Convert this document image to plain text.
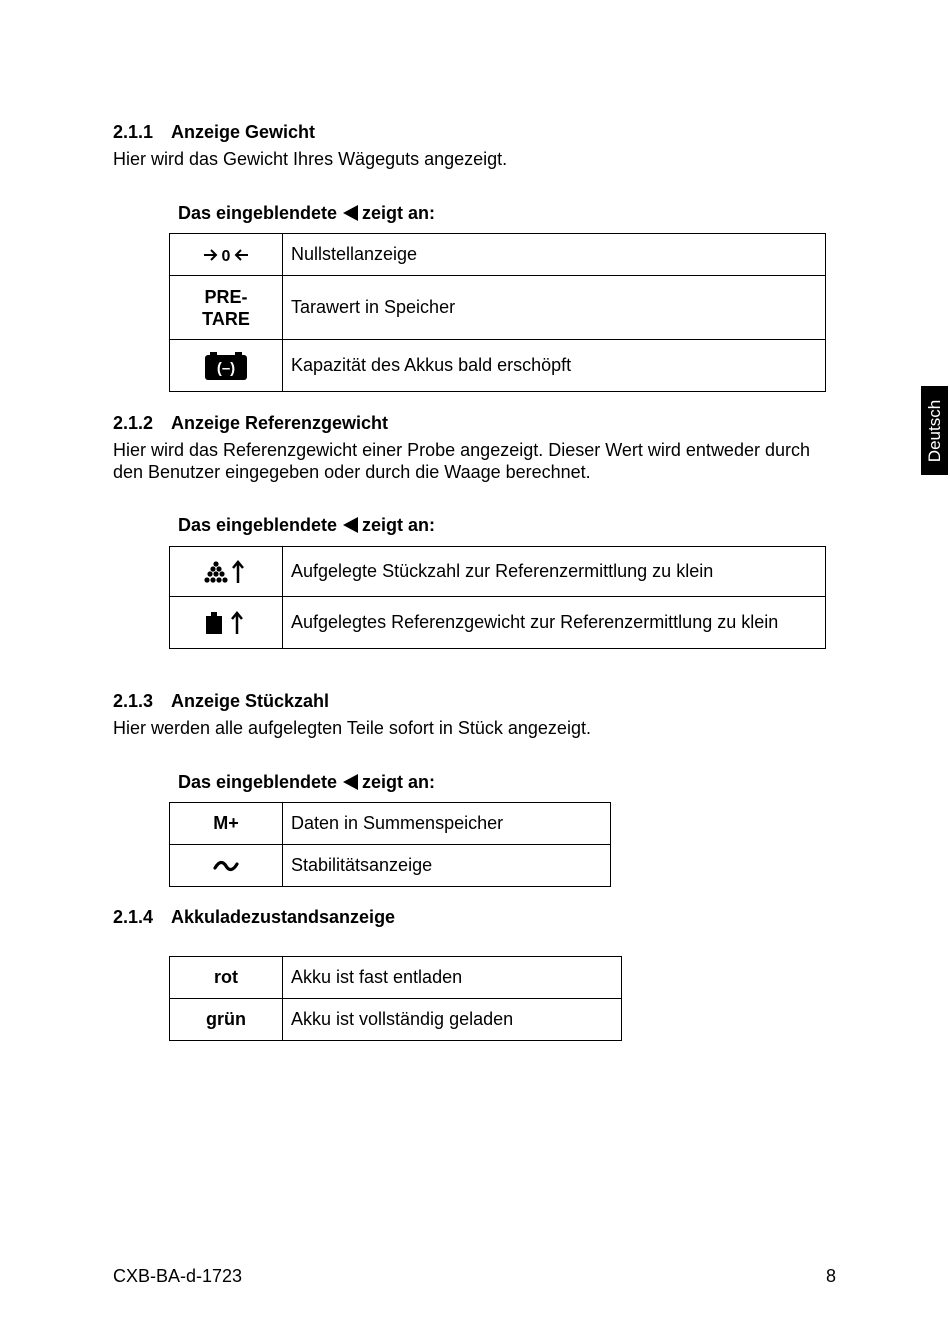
Deutsch
2.1.1 Anzeige Gewicht

Hier wird das Gewicht Ihres Wägeguts angezeigt.

Das eingeblendete zeigt an:

0	Nullstellanzeige
PRE-
TARE	Tarawert in Speicher

(–)	Kapazität des Akkus bald erschöpft
2.1.2 Anzeige Referenzgewicht

Hier wird das Referenzgewicht einer Probe angezeigt. Dieser Wert wird entweder durch den Benutzer eingegeben oder durch die Waage berechnet.

Das eingeblendete zeigt an:

	Aufgelegte Stückzahl zur Referenzermittlung zu klein

	Aufgelegtes Referenzgewicht zur Referenzermittlung zu klein
2.1.3 Anzeige Stückzahl

Hier werden alle aufgelegten Teile sofort in Stück angezeigt.

Das eingeblendete zeigt an:

M+	Daten in Summenspeicher

	Stabilitätsanzeige
2.1.4 Akkuladezustandsanzeige
rot	Akku ist fast entladen
grün	Akku ist vollständig geladen
CXB-BA-d-1723	8
